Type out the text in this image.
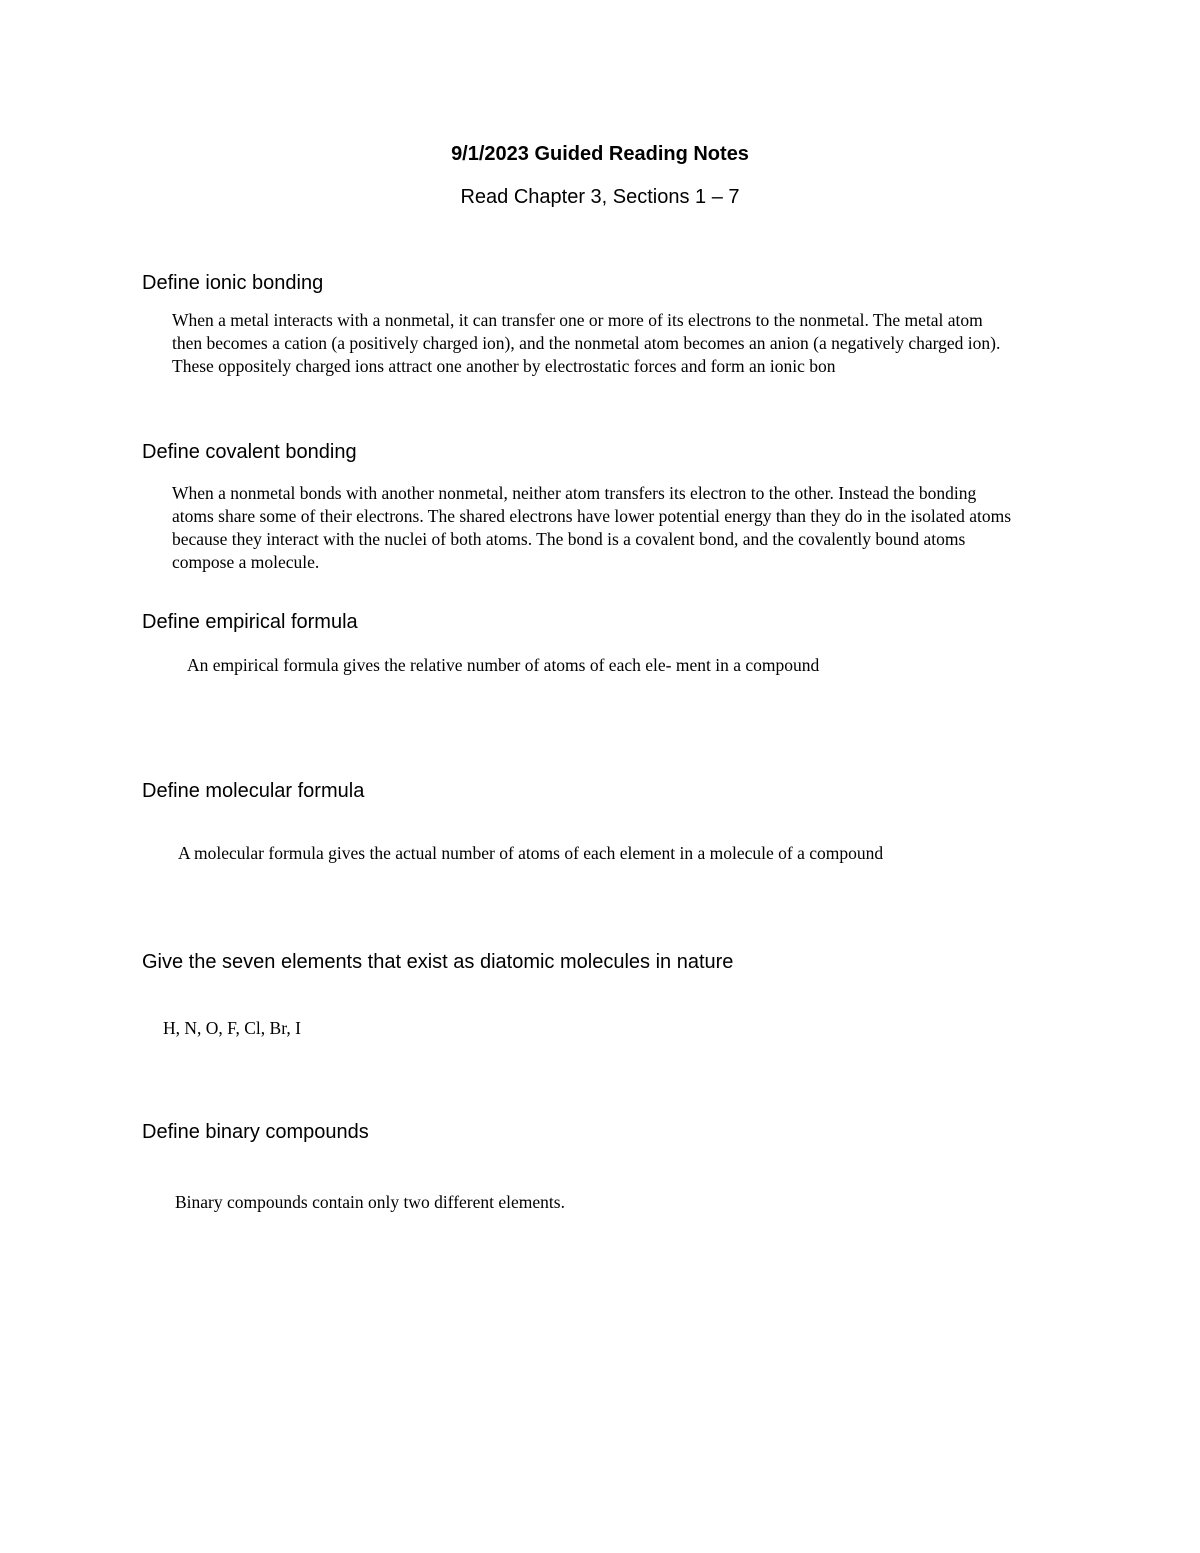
9/1/2023 Guided Reading Notes
Read Chapter 3, Sections 1 – 7
Define ionic bonding
When a metal interacts with a nonmetal, it can transfer one or more of its electrons to the nonmetal. The metal atom then becomes a cation (a positively charged ion), and the nonmetal atom becomes an anion (a negatively charged ion). These oppositely charged ions attract one another by electrostatic forces and form an ionic bon
Define covalent bonding
When a nonmetal bonds with another nonmetal, neither atom transfers its electron to the other. Instead the bonding atoms share some of their electrons. The shared electrons have lower potential energy than they do in the isolated atoms because they interact with the nuclei of both atoms. The bond is a covalent bond, and the covalently bound atoms compose a molecule.
Define empirical formula
An empirical formula gives the relative number of atoms of each ele- ment in a compound
Define molecular formula
A molecular formula gives the actual number of atoms of each element in a molecule of a compound
Give the seven elements that exist as diatomic molecules in nature
H, N, O, F, Cl, Br, I
Define binary compounds
Binary compounds contain only two different elements.
